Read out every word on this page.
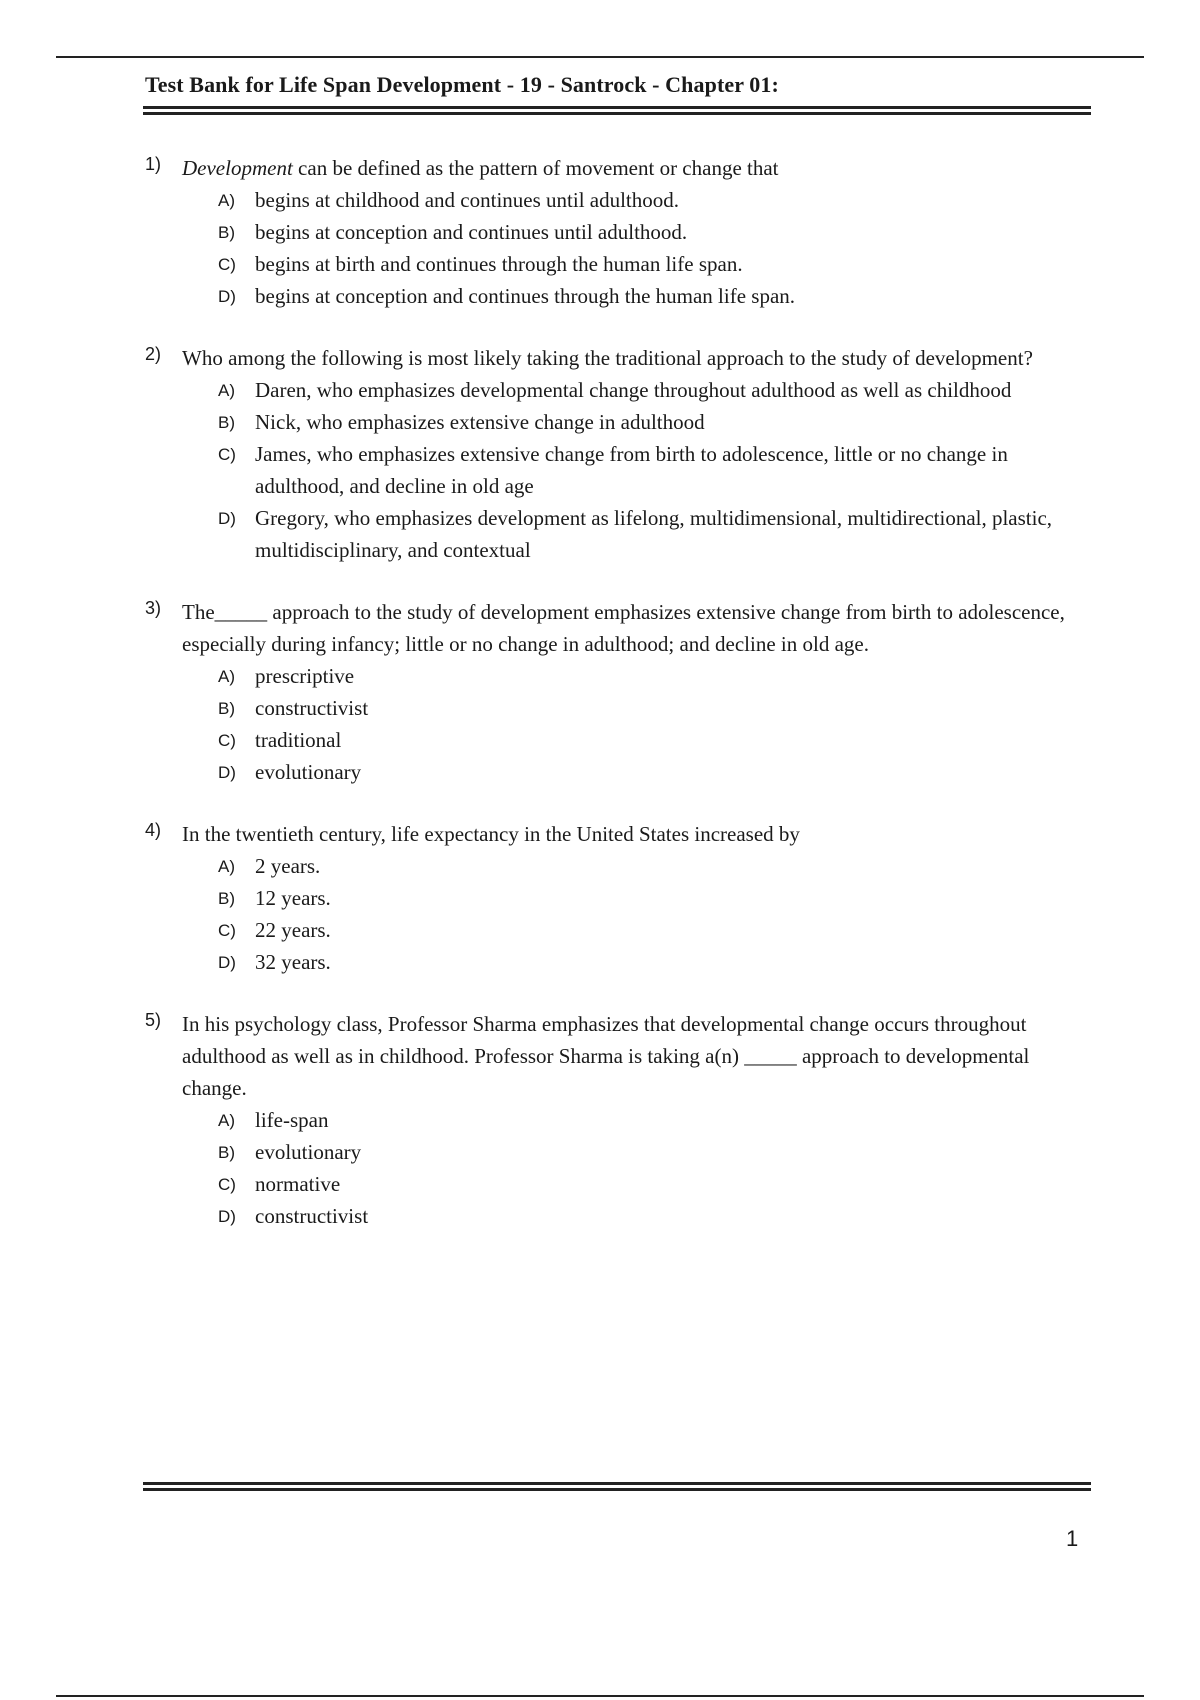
Test Bank for Life Span Development - 19 - Santrock - Chapter 01:
1) Development can be defined as the pattern of movement or change that
A) begins at childhood and continues until adulthood.
B) begins at conception and continues until adulthood.
C) begins at birth and continues through the human life span.
D) begins at conception and continues through the human life span.
2) Who among the following is most likely taking the traditional approach to the study of development?
A) Daren, who emphasizes developmental change throughout adulthood as well as childhood
B) Nick, who emphasizes extensive change in adulthood
C) James, who emphasizes extensive change from birth to adolescence, little or no change in adulthood, and decline in old age
D) Gregory, who emphasizes development as lifelong, multidimensional, multidirectional, plastic, multidisciplinary, and contextual
3) The_____ approach to the study of development emphasizes extensive change from birth to adolescence, especially during infancy; little or no change in adulthood; and decline in old age.
A) prescriptive
B) constructivist
C) traditional
D) evolutionary
4) In the twentieth century, life expectancy in the United States increased by
A) 2 years.
B) 12 years.
C) 22 years.
D) 32 years.
5) In his psychology class, Professor Sharma emphasizes that developmental change occurs throughout adulthood as well as in childhood. Professor Sharma is taking a(n) _____ approach to developmental change.
A) life-span
B) evolutionary
C) normative
D) constructivist
1
